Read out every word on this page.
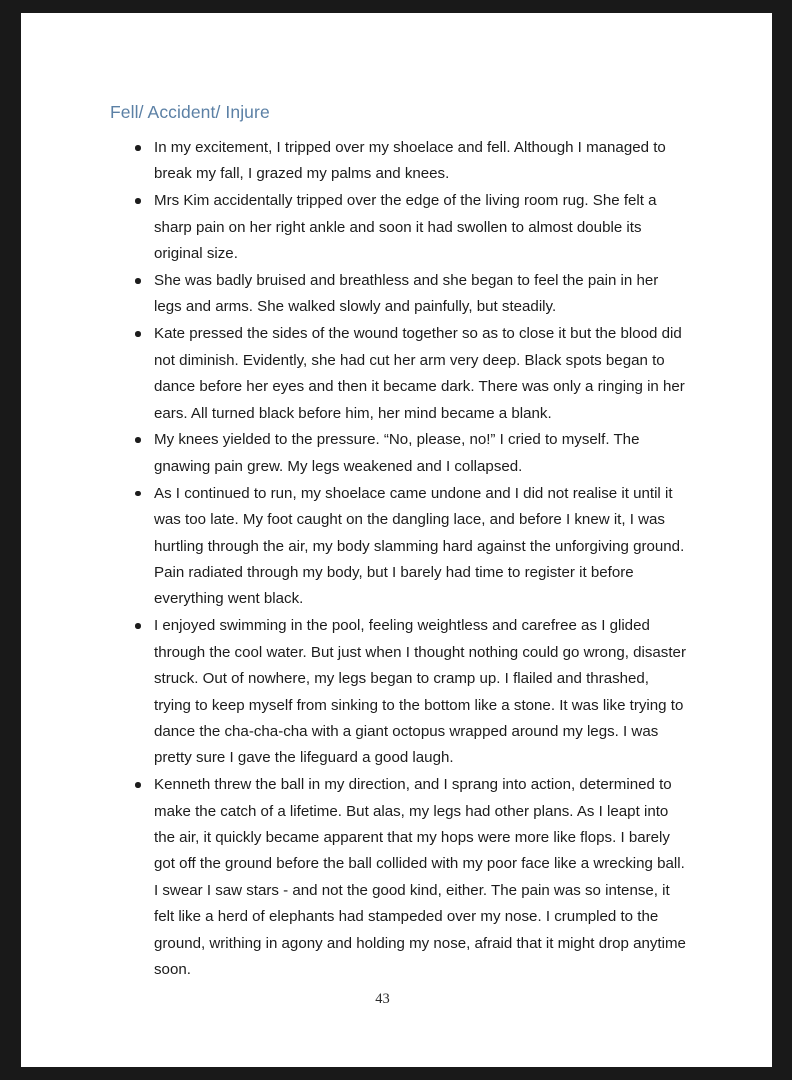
Fell/ Accident/ Injure
In my excitement, I tripped over my shoelace and fell. Although I managed to break my fall, I grazed my palms and knees.
Mrs Kim accidentally tripped over the edge of the living room rug. She felt a sharp pain on her right ankle and soon it had swollen to almost double its original size.
She was badly bruised and breathless and she began to feel the pain in her legs and arms. She walked slowly and painfully, but steadily.
Kate pressed the sides of the wound together so as to close it but the blood did not diminish. Evidently, she had cut her arm very deep. Black spots began to dance before her eyes and then it became dark. There was only a ringing in her ears. All turned black before him, her mind became a blank.
My knees yielded to the pressure. “No, please, no!” I cried to myself. The gnawing pain grew. My legs weakened and I collapsed.
As I continued to run, my shoelace came undone and I did not realise it until it was too late. My foot caught on the dangling lace, and before I knew it, I was hurtling through the air, my body slamming hard against the unforgiving ground. Pain radiated through my body, but I barely had time to register it before everything went black.
I enjoyed swimming in the pool, feeling weightless and carefree as I glided through the cool water. But just when I thought nothing could go wrong, disaster struck. Out of nowhere, my legs began to cramp up. I flailed and thrashed, trying to keep myself from sinking to the bottom like a stone. It was like trying to dance the cha-cha-cha with a giant octopus wrapped around my legs. I was pretty sure I gave the lifeguard a good laugh.
Kenneth threw the ball in my direction, and I sprang into action, determined to make the catch of a lifetime. But alas, my legs had other plans. As I leapt into the air, it quickly became apparent that my hops were more like flops. I barely got off the ground before the ball collided with my poor face like a wrecking ball. I swear I saw stars - and not the good kind, either. The pain was so intense, it felt like a herd of elephants had stampeded over my nose. I crumpled to the ground, writhing in agony and holding my nose, afraid that it might drop anytime soon.
43
